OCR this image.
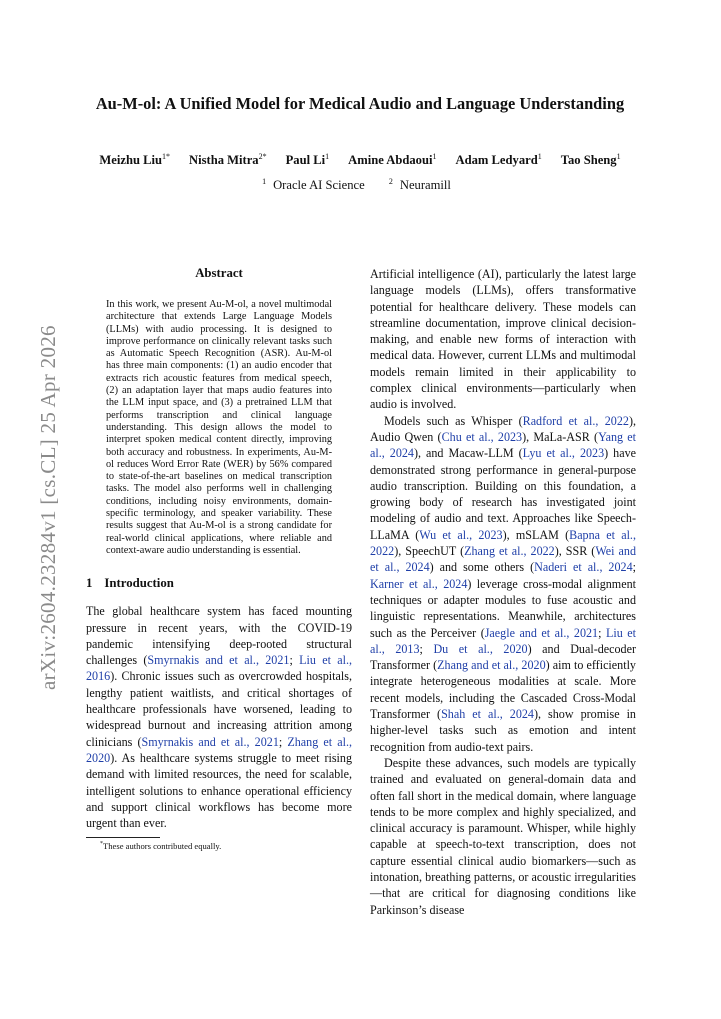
arXiv:2604.23284v1 [cs.CL] 25 Apr 2026
Au-M-ol: A Unified Model for Medical Audio and Language Understanding
Meizhu Liu$^{1*}$ Nistha Mitra$^{2*}$ Paul Li$^1$ Amine Abdaoui$^1$ Adam Ledyard$^1$ Tao Sheng$^1$
$^1$ Oracle AI Science	$^2$ Neuramill
Abstract

In this work, we present Au-M-ol, a novel multimodal architecture that extends Large Language Models (LLMs) with audio processing. It is designed to improve performance on clinically relevant tasks such as Automatic Speech Recognition (ASR). Au-M-ol has three main components: (1) an audio encoder that extracts rich acoustic features from medical speech, (2) an adaptation layer that maps audio features into the LLM input space, and (3) a pretrained LLM that performs transcription and clinical language understanding. This design allows the model to interpret spoken medical content directly, improving both accuracy and robustness. In experiments, Au-M-ol reduces Word Error Rate (WER) by 56% compared to state-of-the-art baselines on medical transcription tasks. The model also performs well in challenging conditions, including noisy environments, domain-specific terminology, and speaker variability. These results suggest that Au-M-ol is a strong candidate for real-world clinical applications, where reliable and context-aware audio understanding is essential.

1 Introduction

The global healthcare system has faced mounting pressure in recent years, with the COVID-19 pandemic intensifying deep-rooted structural challenges (Smyrnakis and et al., 2021; Liu et al., 2016). Chronic issues such as overcrowded hospitals, lengthy patient waitlists, and critical shortages of healthcare professionals have worsened, leading to widespread burnout and increasing attrition among clinicians (Smyrnakis and et al., 2021; Zhang et al., 2020). As healthcare systems struggle to meet rising demand with limited resources, the need for scalable, intelligent solutions to enhance operational efficiency and support clinical workflows has become more urgent than ever.

*These authors contributed equally.

Artificial intelligence (AI), particularly the latest large language models (LLMs), offers transformative potential for healthcare delivery. These models can streamline documentation, improve clinical decision-making, and enable new forms of interaction with medical data. However, current LLMs and multimodal models remain limited in their applicability to complex clinical environments—particularly when audio is involved.

Models such as Whisper (Radford et al., 2022), Audio Qwen (Chu et al., 2023), MaLa-ASR (Yang et al., 2024), and Macaw-LLM (Lyu et al., 2023) have demonstrated strong performance in general-purpose audio transcription. Building on this foundation, a growing body of research has investigated joint modeling of audio and text. Approaches like Speech-LLaMA (Wu et al., 2023), mSLAM (Bapna et al., 2022), SpeechUT (Zhang et al., 2022), SSR (Wei and et al., 2024) and some others (Naderi et al., 2024; Karner et al., 2024) leverage cross-modal alignment techniques or adapter modules to fuse acoustic and linguistic representations. Meanwhile, architectures such as the Perceiver (Jaegle and et al., 2021; Liu et al., 2013; Du et al., 2020) and Dual-decoder Transformer (Zhang and et al., 2020) aim to efficiently integrate heterogeneous modalities at scale. More recent models, including the Cascaded Cross-Modal Transformer (Shah et al., 2024), show promise in higher-level tasks such as emotion and intent recognition from audio-text pairs.

Despite these advances, such models are typically trained and evaluated on general-domain data and often fall short in the medical domain, where language tends to be more complex and highly specialized, and clinical accuracy is paramount. Whisper, while highly capable at speech-to-text transcription, does not capture essential clinical audio biomarkers—such as intonation, breathing patterns, or acoustic irregularities—that are critical for diagnosing conditions like Parkinson’s disease
